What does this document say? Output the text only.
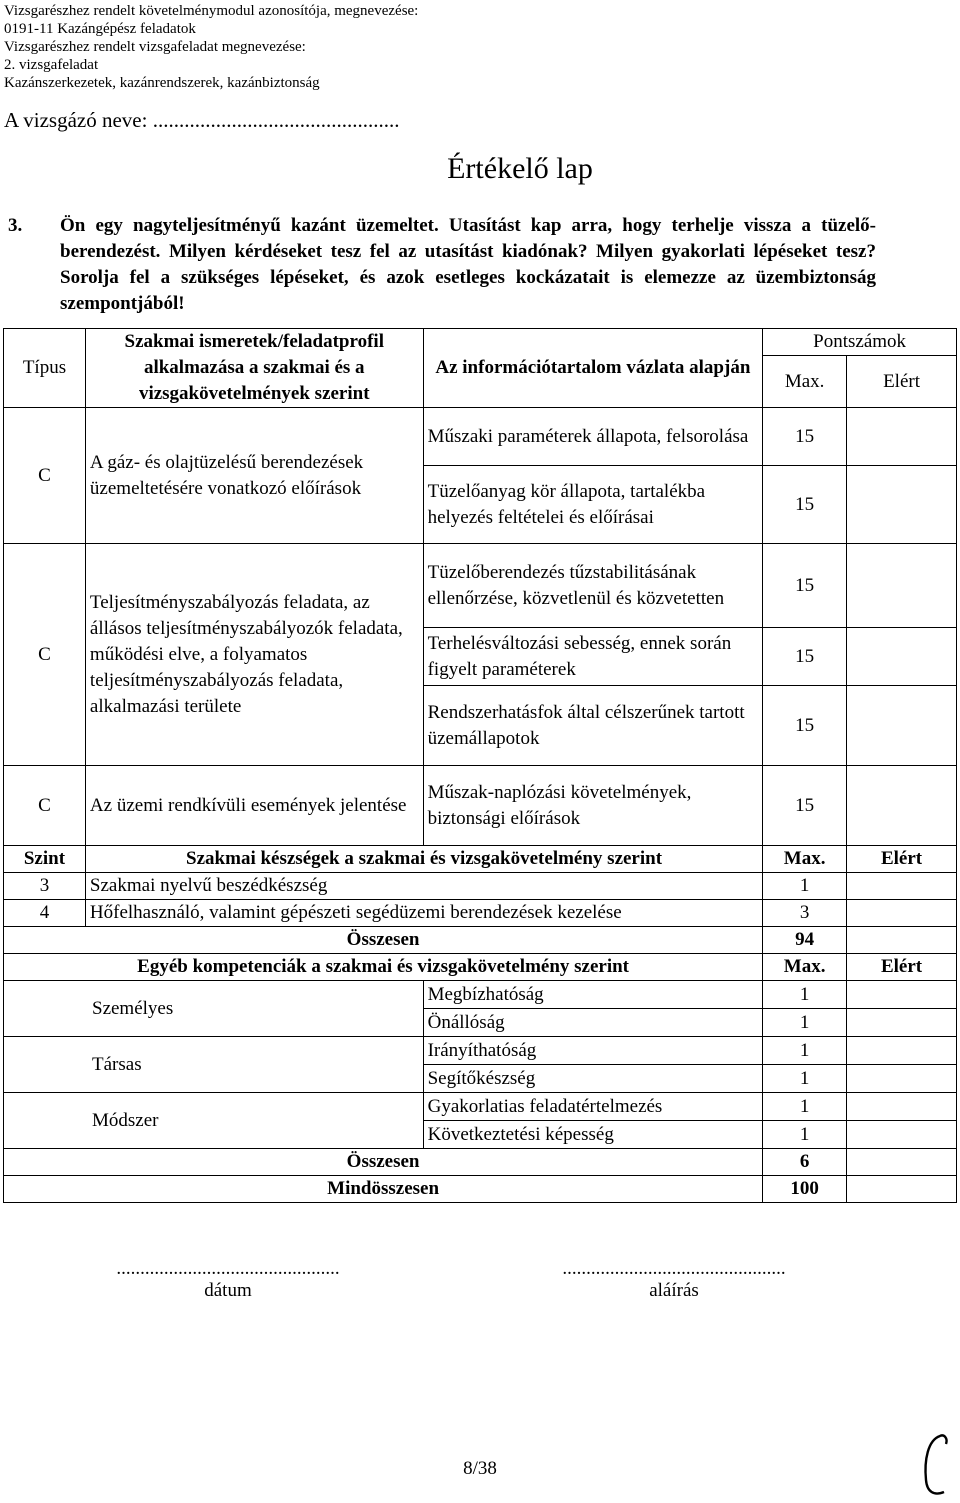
Vizsgarészhez rendelt követelménymodul azonosítója, megnevezése:
0191-11 Kazángépész feladatok
Vizsgarészhez rendelt vizsgafeladat megnevezése:
2. vizsgafeladat
Kazánszerkezetek, kazánrendszerek, kazánbiztonság
A vizsgázó neve: ...............................................
Értékelő lap
3. Ön egy nagyteljesítményű kazánt üzemeltet. Utasítást kap arra, hogy terhelje vissza a tüzelő- berendezést. Milyen kérdéseket tesz fel az utasítást kiadónak? Milyen gyakorlati lépéseket tesz? Sorolja fel a szükséges lépéseket, és azok esetleges kockázatait is elemezze az üzembiztonság szempontjából!
Típus	Szakmai ismeretek/feladatprofil alkalmazása a szakmai és a vizsgakövetelmények szerint	Az információtartalom vázlata alapján	Pontszámok	
			Max.	Elért
C	A gáz- és olajtüzelésű berendezések üzemeltetésére vonatkozó előírások	Műszaki paraméterek állapota, felsorolása	15	
		Tüzelőanyag kör állapota, tartalékba helyezés feltételei és előírásai	15	
C	Teljesítményszabályozás feladata, az állásos teljesítményszabályozók feladata, működési elve, a folyamatos teljesítményszabályozás feladata, alkalmazási területe	Tüzelőberendezés tűzstabilitásának ellenőrzése, közvetlenül és közvetetten	15	
		Terhelésváltozási sebesség, ennek során figyelt paraméterek	15	
		Rendszerhatásfok által célszerűnek tartott üzemállapotok	15	
C	Az üzemi rendkívüli események jelentése	Műszak-naplózási követelmények, biztonsági előírások	15	
Szint	Szakmai készségek a szakmai és vizsgakövetelmény szerint		Max.	Elért
3	Szakmai nyelvű beszédkészség		1	
4	Hőfelhasználó, valamint gépészeti segédüzemi berendezések kezelése		3	
Összesen			94	
Egyéb kompetenciák a szakmai és vizsgakövetelmény szerint			Max.	Elért
Személyes		Megbízhatóság	1	
		Önállóság	1	
Társas		Irányíthatóság	1	
		Segítőkészség	1	
Módszer		Gyakorlatias feladatértelmezés	1	
		Következtetési képesség	1	
Összesen			6	
Mindösszesen			100	
...............................................
dátum
...............................................
aláírás
8/38
